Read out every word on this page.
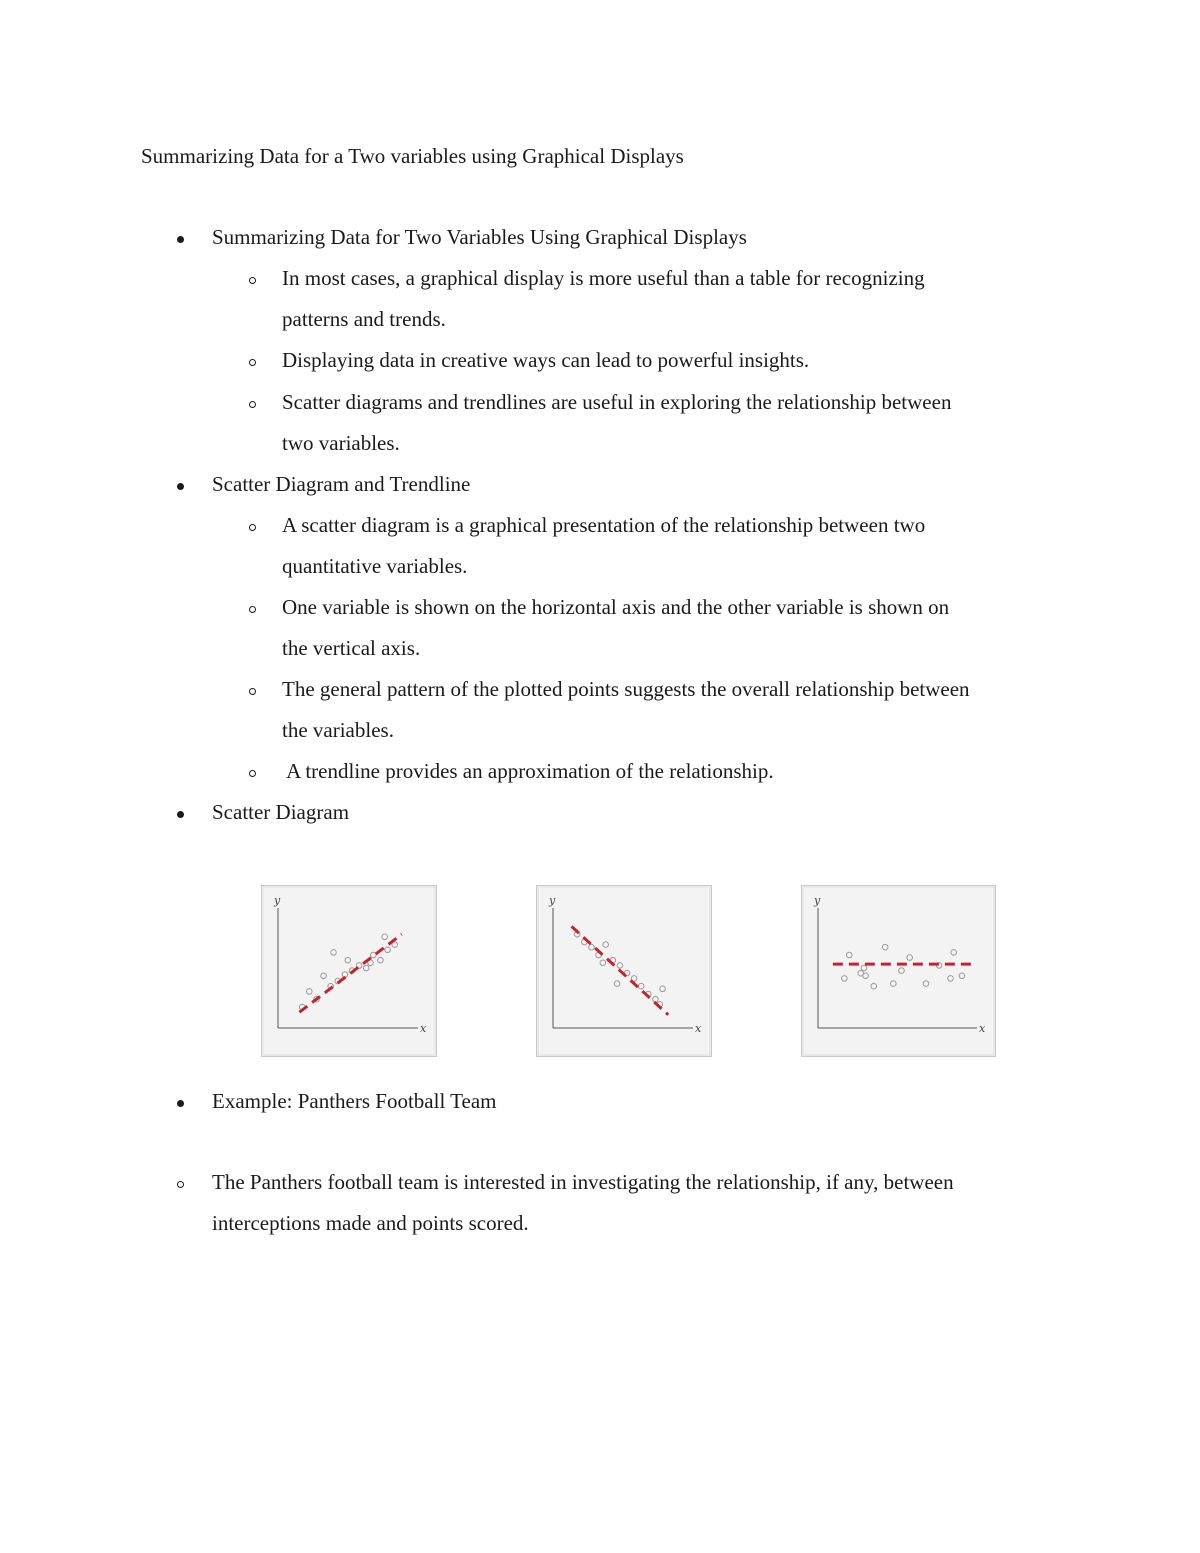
Summarizing Data for a Two variables using Graphical Displays
Summarizing Data for Two Variables Using Graphical Displays
In most cases, a graphical display is more useful than a table for recognizing
patterns and trends.
Displaying data in creative ways can lead to powerful insights.
Scatter diagrams and trendlines are useful in exploring the relationship between
two variables.
Scatter Diagram and Trendline
A scatter diagram is a graphical presentation of the relationship between two
quantitative variables.
One variable is shown on the horizontal axis and the other variable is shown on
the vertical axis.
The general pattern of the plotted points suggests the overall relationship between
the variables.
A trendline provides an approximation of the relationship.
Scatter Diagram
y
x
y
x
y
x
Example: Panthers Football Team
The Panthers football team is interested in investigating the relationship, if any, between
interceptions made and points scored.
